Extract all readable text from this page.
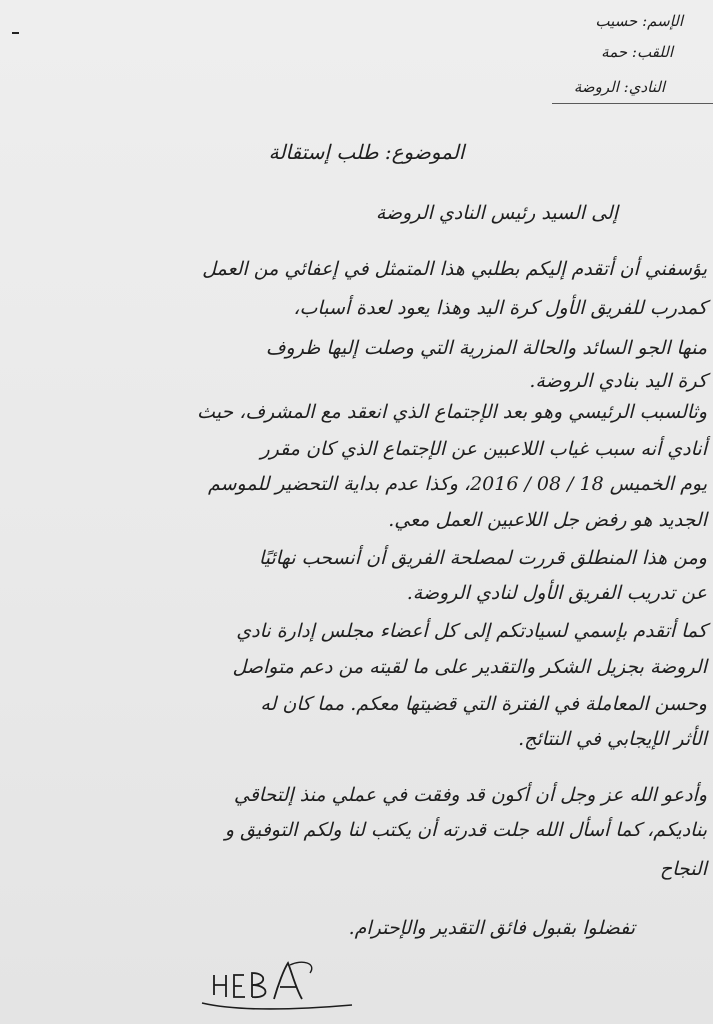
الإسم: حسيب
اللقب: حمة
النادي: الروضة
الموضوع: طلب إستقالة
إلى السيد رئيس النادي الروضة
يؤسفني أن أتقدم إليكم بطلبي هذا المتمثل في إعفائي من العمل
كمدرب للفريق الأول كرة اليد وهذا يعود لعدة أسباب،
منها الجو السائد والحالة المزرية التي وصلت إليها ظروف
كرة اليد بنادي الروضة.
وثالسبب الرئيسي وهو بعد الإجتماع الذي انعقد مع المشرف، حيث
أنادي أنه سبب غياب اللاعبين عن الإجتماع الذي كان مقرر
يوم الخميس 18 / 08 / 2016، وكذا عدم بداية التحضير للموسم
الجديد هو رفض جل اللاعبين العمل معي.
ومن هذا المنطلق قررت لمصلحة الفريق أن أنسحب نهائيًا
عن تدريب الفريق الأول لنادي الروضة.
كما أتقدم بإسمي لسيادتكم إلى كل أعضاء مجلس إدارة نادي
الروضة بجزيل الشكر والتقدير على ما لقيته من دعم متواصل
وحسن المعاملة في الفترة التي قضيتها معكم. مما كان له
الأثر الإيجابي في النتائج.
وأدعو الله عز وجل أن أكون قد وفقت في عملي منذ إلتحاقي
بناديكم، كما أسأل الله جلت قدرته أن يكتب لنا ولكم التوفيق و
النجاح
تفضلوا بقبول فائق التقدير والإحترام.
